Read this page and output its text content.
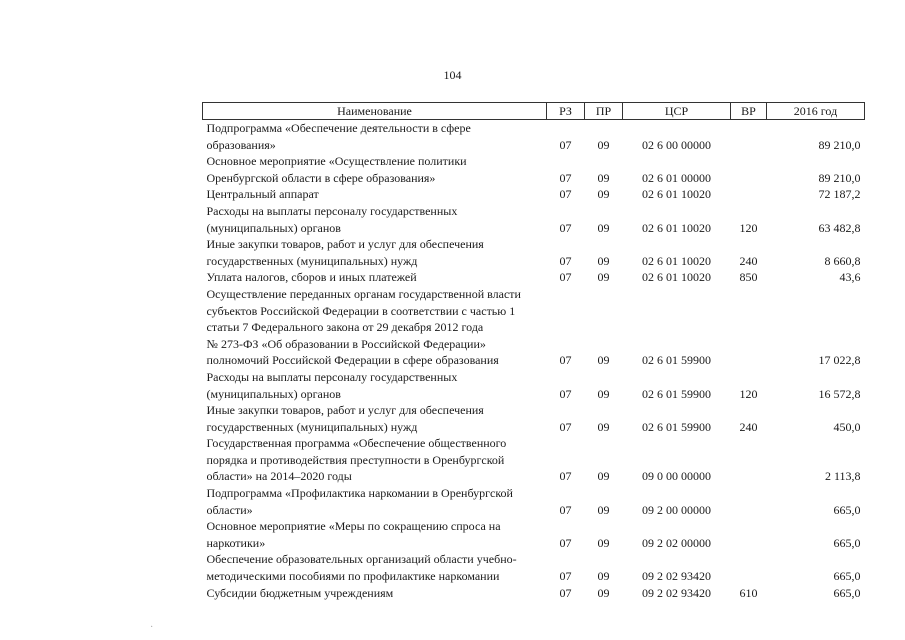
104
Наименование	РЗ	ПР	ЦСР	ВР	2016 год

Подпрограмма «Обеспечение деятельности в сфере
образования»	07	09	02 6 00 00000		89 210,0

Основное мероприятие «Осуществление политики
Оренбургской области в сфере образования»	07	09	02 6 01 00000		89 210,0

Центральный аппарат	07	09	02 6 01 10020		72 187,2

Расходы на выплаты персоналу государственных
(муниципальных) органов	07	09	02 6 01 10020	120	63 482,8

Иные закупки товаров, работ и услуг для обеспечения
государственных (муниципальных) нужд	07	09	02 6 01 10020	240	8 660,8

Уплата налогов, сборов и иных платежей	07	09	02 6 01 10020	850	43,6

Осуществление переданных органам государственной власти
субъектов Российской Федерации в соответствии с частью 1
статьи 7 Федерального закона от 29 декабря 2012 года
№ 273-ФЗ «Об образовании в Российской Федерации»
полномочий Российской Федерации в сфере образования	07	09	02 6 01 59900		17 022,8

Расходы на выплаты персоналу государственных
(муниципальных) органов	07	09	02 6 01 59900	120	16 572,8

Иные закупки товаров, работ и услуг для обеспечения
государственных (муниципальных) нужд	07	09	02 6 01 59900	240	450,0

Государственная программа «Обеспечение общественного
порядка и противодействия преступности в Оренбургской
области» на 2014–2020 годы	07	09	09 0 00 00000		2 113,8

Подпрограмма «Профилактика наркомании в Оренбургской
области»	07	09	09 2 00 00000		665,0

Основное мероприятие «Меры по сокращению спроса на
наркотики»	07	09	09 2 02 00000		665,0

Обеспечение образовательных организаций области учебно-
методическими пособиями по профилактике наркомании	07	09	09 2 02 93420		665,0

Субсидии бюджетным учреждениям	07	09	09 2 02 93420	610	665,0
·
